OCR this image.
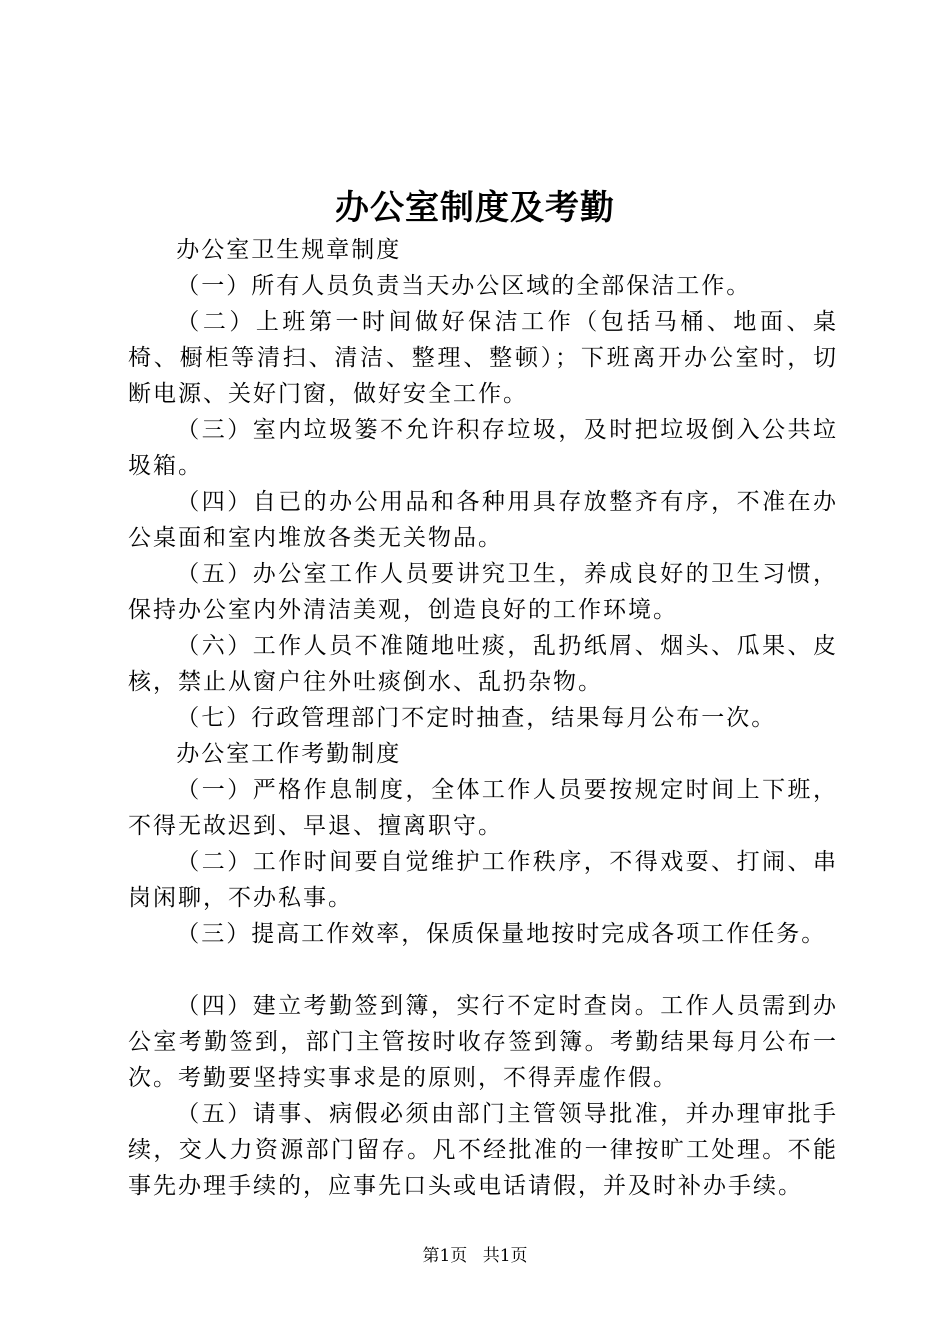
办公室制度及考勤

办公室卫生规章制度

（一）所有人员负责当天办公区域的全部保洁工作。

（二）上班第一时间做好保洁工作（包括马桶、地面、桌椅、橱柜等清扫、清洁、整理、整顿）；下班离开办公室时，切断电源、关好门窗，做好安全工作。

（三）室内垃圾篓不允许积存垃圾，及时把垃圾倒入公共垃圾箱。

（四）自已的办公用品和各种用具存放整齐有序，不准在办公桌面和室内堆放各类无关物品。

（五）办公室工作人员要讲究卫生，养成良好的卫生习惯，保持办公室内外清洁美观，创造良好的工作环境。

（六）工作人员不准随地吐痰，乱扔纸屑、烟头、瓜果、皮核，禁止从窗户往外吐痰倒水、乱扔杂物。

（七）行政管理部门不定时抽查，结果每月公布一次。

办公室工作考勤制度

（一）严格作息制度，全体工作人员要按规定时间上下班，不得无故迟到、早退、擅离职守。

（二）工作时间要自觉维护工作秩序，不得戏耍、打闹、串岗闲聊，不办私事。

（三）提高工作效率，保质保量地按时完成各项工作任务。

（四）建立考勤签到簿，实行不定时查岗。工作人员需到办公室考勤签到，部门主管按时收存签到簿。考勤结果每月公布一次。考勤要坚持实事求是的原则，不得弄虚作假。

（五）请事、病假必须由部门主管领导批准，并办理审批手续，交人力资源部门留存。凡不经批准的一律按旷工处理。不能事先办理手续的，应事先口头或电话请假，并及时补办手续。

第1页 共1页
